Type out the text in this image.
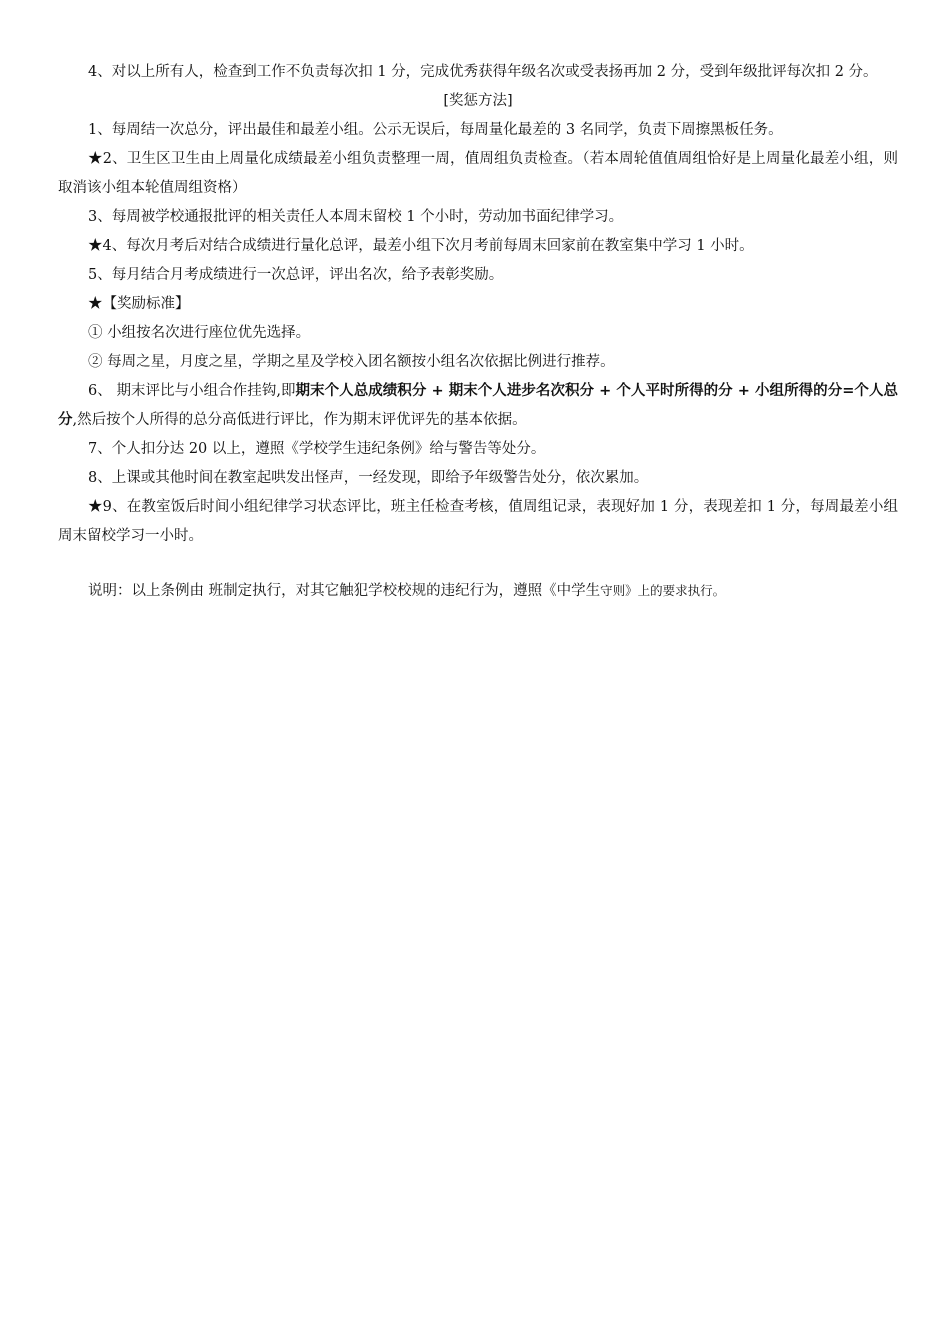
4、对以上所有人，检查到工作不负责每次扣 1 分，完成优秀获得年级名次或受表扬再加 2 分，受到年级批评每次扣 2 分。

[奖惩方法]

1、每周结一次总分，评出最佳和最差小组。公示无误后，每周量化最差的 3 名同学，负责下周擦黑板任务。

★2、卫生区卫生由上周量化成绩最差小组负责整理一周，值周组负责检查。（若本周轮值值周组恰好是上周量化最差小组，则取消该小组本轮值周组资格）

3、每周被学校通报批评的相关责任人本周末留校 1 个小时，劳动加书面纪律学习。

★4、每次月考后对结合成绩进行量化总评，最差小组下次月考前每周末回家前在教室集中学习 1 小时。

5、每月结合月考成绩进行一次总评，评出名次，给予表彰奖励。

★【奖励标准】

① 小组按名次进行座位优先选择。

② 每周之星，月度之星，学期之星及学校入团名额按小组名次依据比例进行推荐。

6、 期末评比与小组合作挂钩,即期末个人总成绩积分 + 期末个人进步名次积分 + 个人平时所得的分 + 小组所得的分=个人总分,然后按个人所得的总分高低进行评比，作为期末评优评先的基本依据。

7、个人扣分达 20 以上，遵照《学校学生违纪条例》给与警告等处分。

8、上课或其他时间在教室起哄发出怪声，一经发现，即给予年级警告处分，依次累加。

★9、在教室饭后时间小组纪律学习状态评比，班主任检查考核，值周组记录，表现好加 1 分，表现差扣 1 分，每周最差小组周末留校学习一小时。

说明：以上条例由 班制定执行，对其它触犯学校校规的违纪行为，遵照《中学生守则》上的要求执行。
